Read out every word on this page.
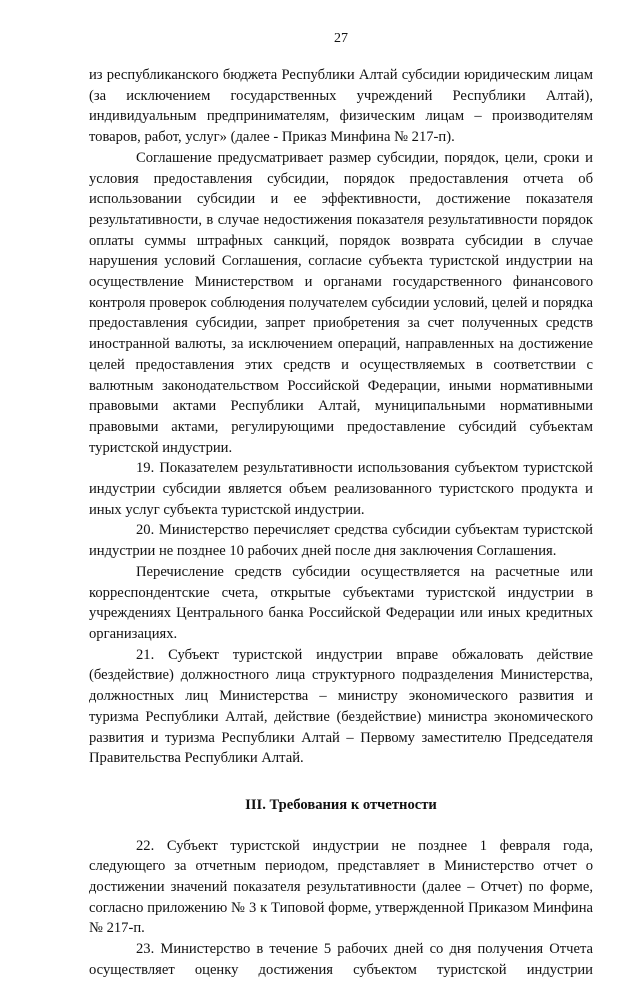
27

из республиканского бюджета Республики Алтай субсидии юридическим лицам (за исключением государственных учреждений Республики Алтай), индивидуальным предпринимателям, физическим лицам – производителям товаров, работ, услуг» (далее - Приказ Минфина № 217-п).

Соглашение предусматривает размер субсидии, порядок, цели, сроки и условия предоставления субсидии, порядок предоставления отчета об использовании субсидии и ее эффективности, достижение показателя результативности, в случае недостижения показателя результативности порядок оплаты суммы штрафных санкций, порядок возврата субсидии в случае нарушения условий Соглашения, согласие субъекта туристской индустрии на осуществление Министерством и органами государственного финансового контроля проверок соблюдения получателем субсидии условий, целей и порядка предоставления субсидии, запрет приобретения за счет полученных средств иностранной валюты, за исключением операций, направленных на достижение целей предоставления этих средств и осуществляемых в соответствии с валютным законодательством Российской Федерации, иными нормативными правовыми актами Республики Алтай, муниципальными нормативными правовыми актами, регулирующими предоставление субсидий субъектам туристской индустрии.

19. Показателем результативности использования субъектом туристской индустрии субсидии является объем реализованного туристского продукта и иных услуг субъекта туристской индустрии.

20. Министерство перечисляет средства субсидии субъектам туристской индустрии не позднее 10 рабочих дней после дня заключения Соглашения.

Перечисление средств субсидии осуществляется на расчетные или корреспондентские счета, открытые субъектами туристской индустрии в учреждениях Центрального банка Российской Федерации или иных кредитных организациях.

21. Субъект туристской индустрии вправе обжаловать действие (бездействие) должностного лица структурного подразделения Министерства, должностных лиц Министерства – министру экономического развития и туризма Республики Алтай, действие (бездействие) министра экономического развития и туризма Республики Алтай – Первому заместителю Председателя Правительства Республики Алтай.

III. Требования к отчетности

22. Субъект туристской индустрии не позднее 1 февраля года, следующего за отчетным периодом, представляет в Министерство отчет о достижении значений показателя результативности (далее – Отчет) по форме, согласно приложению № 3 к Типовой форме, утвержденной Приказом Минфина № 217-п.

23. Министерство в течение 5 рабочих дней со дня получения Отчета осуществляет оценку достижения субъектом туристской индустрии
